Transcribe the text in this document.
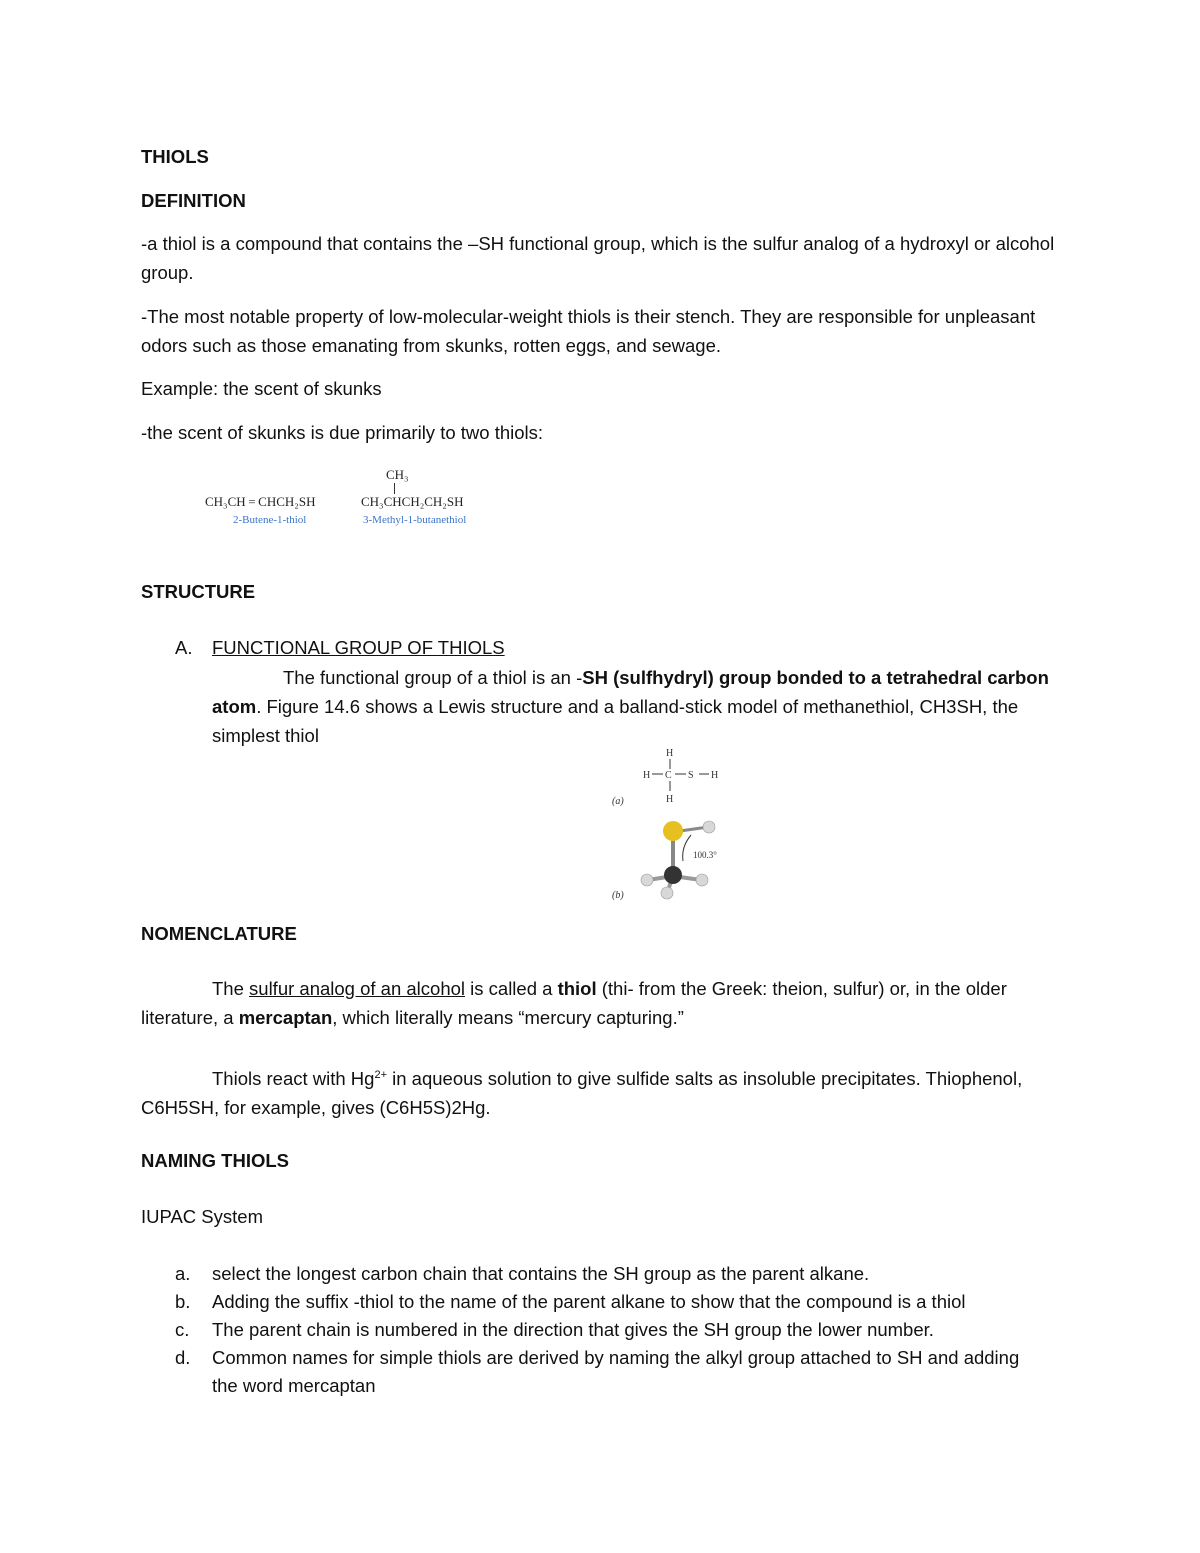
THIOLS
DEFINITION

-a thiol is a compound that contains the –SH functional group, which is the sulfur analog of a hydroxyl or alcohol group.

-The most notable property of low-molecular-weight thiols is their stench. They are responsible for unpleasant odors such as those emanating from skunks, rotten eggs, and sewage.

Example: the scent of skunks

-the scent of skunks is due primarily to two thiols:

CH₃CH = CHCH₂SH
2-Butene-1-thiol
CH₃
CH₃CHCH₂CH₂SH
3-Methyl-1-butanethiol
STRUCTURE
A. FUNCTIONAL GROUP OF THIOLS

The functional group of a thiol is an -SH (sulfhydryl) group bonded to a tetrahedral carbon atom. Figure 14.6 shows a Lewis structure and a balland-stick model of methanethiol, CH3SH, the simplest thiol

H
H C S H
H
(a)
100.3°
(b)
NOMENCLATURE

The sulfur analog of an alcohol is called a thiol (thi- from the Greek: theion, sulfur) or, in the older literature, a mercaptan, which literally means “mercury capturing.”

Thiols react with $Hg^{2+}$ in aqueous solution to give sulfide salts as insoluble precipitates. Thiophenol, C6H5SH, for example, gives (C6H5S)2Hg.

NAMING THIOLS
IUPAC System
a.	select the longest carbon chain that contains the SH group as the parent alkane.
b.	Adding the suffix -thiol to the name of the parent alkane to show that the compound is a thiol
c.	The parent chain is numbered in the direction that gives the SH group the lower number.
d.	Common names for simple thiols are derived by naming the alkyl group attached to SH and adding the word mercaptan
